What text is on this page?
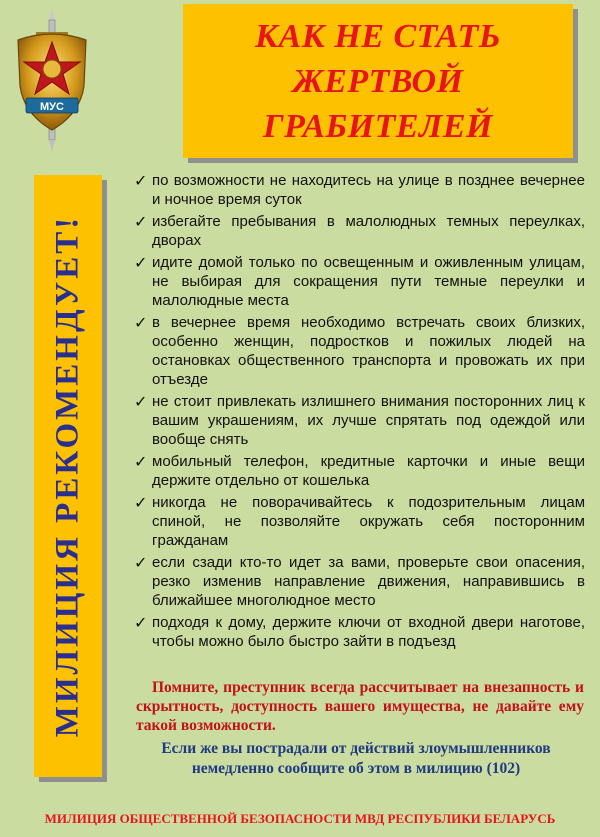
МУС
КАК НЕ СТАТЬ
ЖЕРТВОЙ
ГРАБИТЕЛЕЙ
МИЛИЦИЯ РЕКОМЕНДУЕТ!
✓ по возможности не находитесь на улице в позднее вечернее и ночное время суток
✓ избегайте пребывания в малолюдных темных переулках, дворах
✓ идите домой только по освещенным и оживленным улицам, не выбирая для сокращения пути темные переулки и малолюдные места
✓ в вечернее время необходимо встречать своих близких, особенно женщин, подростков и пожилых людей на остановках общественного транспорта и провожать их при отъезде
✓ не стоит привлекать излишнего внимания посторонних лиц к вашим украшениям, их лучше спрятать под одеждой или вообще снять
✓ мобильный телефон, кредитные карточки и иные вещи держите отдельно от кошелька
✓ никогда не поворачивайтесь к подозрительным лицам спиной, не позволяйте окружать себя посторонним гражданам
✓ если сзади кто-то идет за вами, проверьте свои опасения, резко изменив направление движения, направившись в ближайшее многолюдное место
✓ подходя к дому, держите ключи от входной двери наготове, чтобы можно было быстро зайти в подъезд
Помните, преступник всегда рассчитывает на внезапность и скрытность, доступность вашего имущества, не давайте ему такой возможности.
Если же вы пострадали от действий злоумышленников немедленно сообщите об этом в милицию (102)
МИЛИЦИЯ ОБЩЕСТВЕННОЙ БЕЗОПАСНОСТИ МВД РЕСПУБЛИКИ БЕЛАРУСЬ
